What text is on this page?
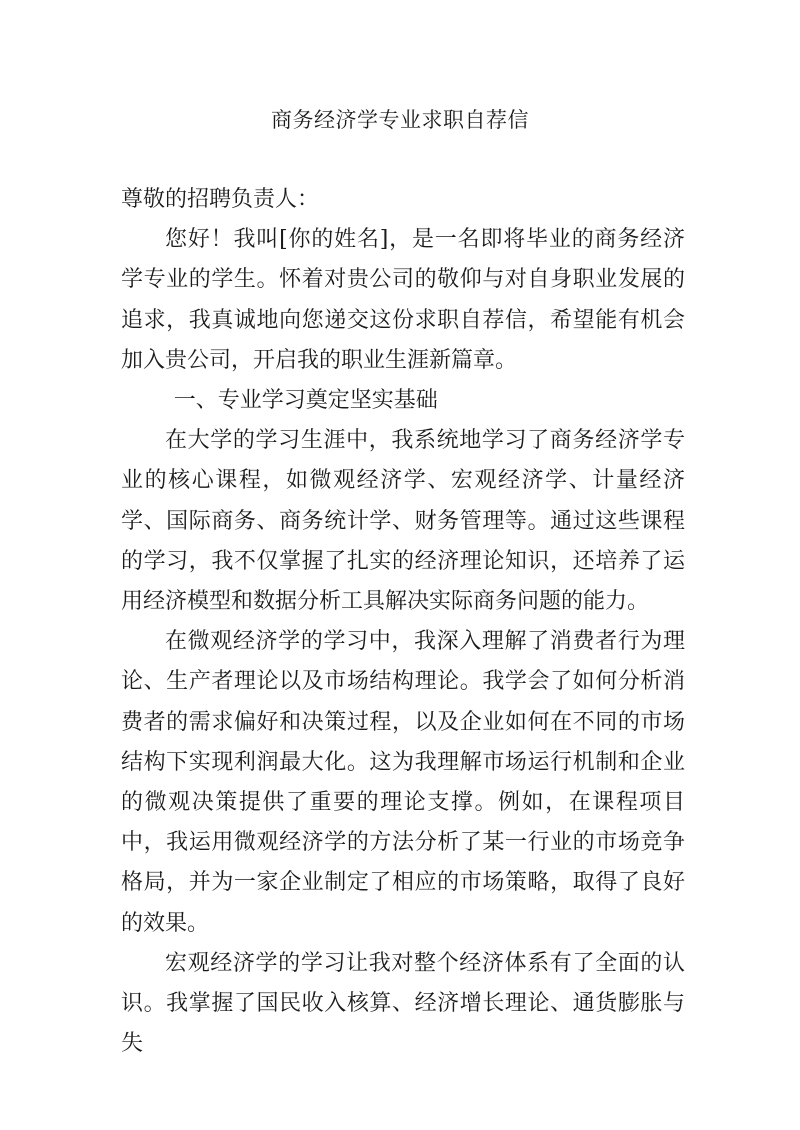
商务经济学专业求职自荐信

尊敬的招聘负责人：

您好！我叫[你的姓名]，是一名即将毕业的商务经济学专业的学生。怀着对贵公司的敬仰与对自身职业发展的追求，我真诚地向您递交这份求职自荐信，希望能有机会加入贵公司，开启我的职业生涯新篇章。

一、专业学习奠定坚实基础

在大学的学习生涯中，我系统地学习了商务经济学专业的核心课程，如微观经济学、宏观经济学、计量经济学、国际商务、商务统计学、财务管理等。通过这些课程的学习，我不仅掌握了扎实的经济理论知识，还培养了运用经济模型和数据分析工具解决实际商务问题的能力。

在微观经济学的学习中，我深入理解了消费者行为理论、生产者理论以及市场结构理论。我学会了如何分析消费者的需求偏好和决策过程，以及企业如何在不同的市场结构下实现利润最大化。这为我理解市场运行机制和企业的微观决策提供了重要的理论支撑。例如，在课程项目中，我运用微观经济学的方法分析了某一行业的市场竞争格局，并为一家企业制定了相应的市场策略，取得了良好的效果。

宏观经济学的学习让我对整个经济体系有了全面的认识。我掌握了国民收入核算、经济增长理论、通货膨胀与失
